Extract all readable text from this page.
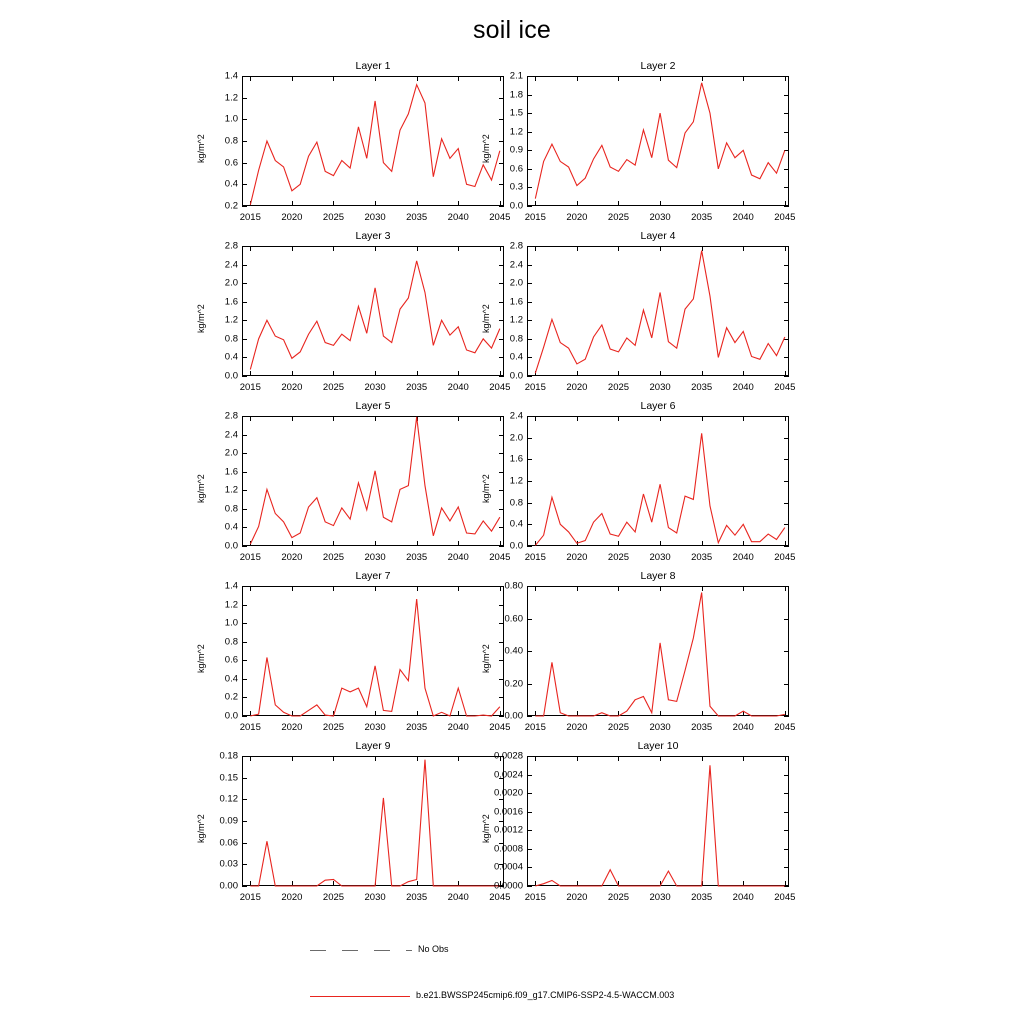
soil ice
Layer 1
kg/m^2
0.2
0.4
0.6
0.8
1.0
1.2
1.4
2015 2020 2025 2030 2035 2040 2045
Layer 2
kg/m^2
0.0
0.3
0.6
0.9
1.2
1.5
1.8
2.1
2015 2020 2025 2030 2035 2040 2045
Layer 3
kg/m^2
0.0
0.4
0.8
1.2
1.6
2.0
2.4
2.8
2015 2020 2025 2030 2035 2040 2045
Layer 4
kg/m^2
0.0
0.4
0.8
1.2
1.6
2.0
2.4
2.8
2015 2020 2025 2030 2035 2040 2045
Layer 5
kg/m^2
0.0
0.4
0.8
1.2
1.6
2.0
2.4
2.8
2015 2020 2025 2030 2035 2040 2045
Layer 6
kg/m^2
0.0
0.4
0.8
1.2
1.6
2.0
2.4
2015 2020 2025 2030 2035 2040 2045
Layer 7
kg/m^2
0.0
0.2
0.4
0.6
0.8
1.0
1.2
1.4
2015 2020 2025 2030 2035 2040 2045
Layer 8
kg/m^2
0.00
0.20
0.40
0.60
0.80
2015 2020 2025 2030 2035 2040 2045
Layer 9
kg/m^2
0.00
0.03
0.06
0.09
0.12
0.15
0.18
2015 2020 2025 2030 2035 2040 2045
Layer 10
kg/m^2
0.0000
0.0004
0.0008
0.0012
0.0016
0.0020
0.0024
0.0028
2015 2020 2025 2030 2035 2040 2045
No Obs
b.e21.BWSSP245cmip6.f09_g17.CMIP6-SSP2-4.5-WACCM.003
